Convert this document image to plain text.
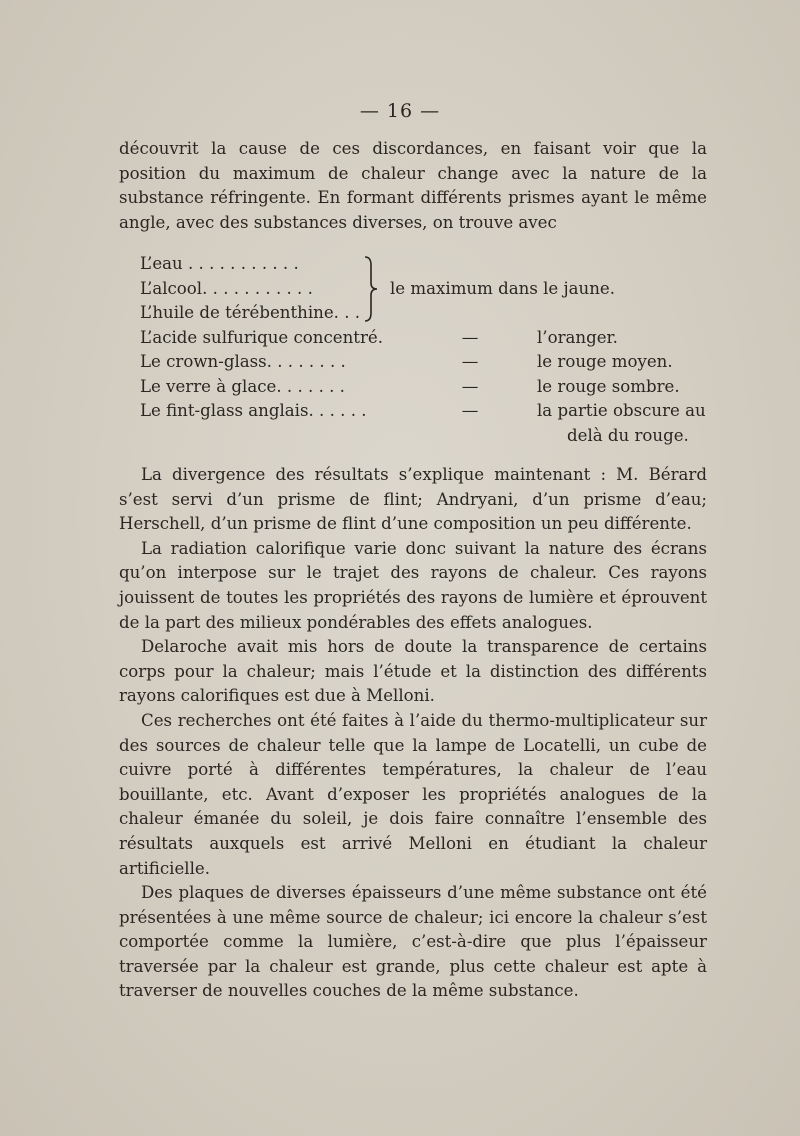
— 16 —

découvrit la cause de ces discordances, en faisant voir que la position du maximum de chaleur change avec la nature de la substance réfringente. En formant différents prismes ayant le même angle, avec des substances diverses, on trouve avec

L’eau . . . . . . . . . . .
L’alcool. . . . . . . . . . .
L’huile de térébenthine. . .
le maximum dans le jaune.
L’acide sulfurique concentré.	—	l’oranger.
Le crown-glass. . . . . . . .	—	le rouge moyen.
Le verre à glace. . . . . . .	—	le rouge sombre.
Le fint-glass anglais. . . . . .	—	la partie obscure au
delà du rouge.

La divergence des résultats s’explique maintenant : M. Bérard s’est servi d’un prisme de flint; Andryani, d’un prisme d’eau; Herschell, d’un prisme de flint d’une composition un peu différente.

La radiation calorifique varie donc suivant la nature des écrans qu’on interpose sur le trajet des rayons de chaleur. Ces rayons jouissent de toutes les propriétés des rayons de lumière et éprouvent de la part des milieux pondérables des effets analogues.

Delaroche avait mis hors de doute la transparence de certains corps pour la chaleur; mais l’étude et la distinction des différents rayons calorifiques est due à Melloni.

Ces recherches ont été faites à l’aide du thermo-multiplicateur sur des sources de chaleur telle que la lampe de Locatelli, un cube de cuivre porté à différentes températures, la chaleur de l’eau bouillante, etc. Avant d’exposer les propriétés analogues de la chaleur émanée du soleil, je dois faire connaître l’ensemble des résultats auxquels est arrivé Melloni en étudiant la chaleur artificielle.

Des plaques de diverses épaisseurs d’une même substance ont été présentées à une même source de chaleur; ici encore la chaleur s’est comportée comme la lumière, c’est-à-dire que plus l’épaisseur traversée par la chaleur est grande, plus cette chaleur est apte à traverser de nouvelles couches de la même substance.
